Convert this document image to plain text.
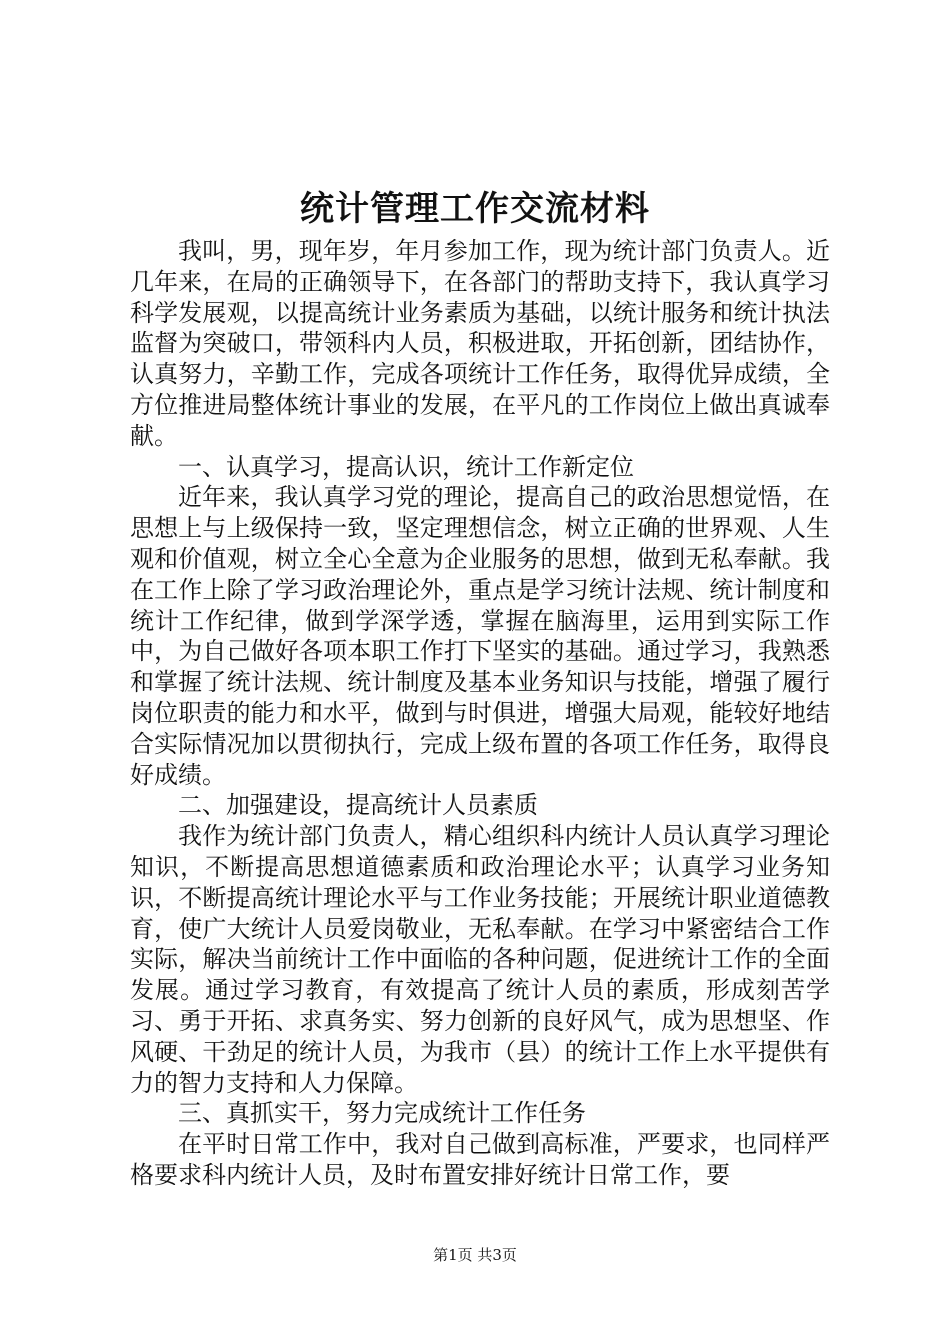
统计管理工作交流材料

我叫，男，现年岁，年月参加工作，现为统计部门负责人。近几年来，在局的正确领导下，在各部门的帮助支持下，我认真学习科学发展观，以提高统计业务素质为基础，以统计服务和统计执法监督为突破口，带领科内人员，积极进取，开拓创新，团结协作，认真努力，辛勤工作，完成各项统计工作任务，取得优异成绩，全方位推进局整体统计事业的发展，在平凡的工作岗位上做出真诚奉献。

一、认真学习，提高认识，统计工作新定位

近年来，我认真学习党的理论，提高自己的政治思想觉悟，在思想上与上级保持一致，坚定理想信念，树立正确的世界观、人生观和价值观，树立全心全意为企业服务的思想，做到无私奉献。我在工作上除了学习政治理论外，重点是学习统计法规、统计制度和统计工作纪律，做到学深学透，掌握在脑海里，运用到实际工作中，为自己做好各项本职工作打下坚实的基础。通过学习，我熟悉和掌握了统计法规、统计制度及基本业务知识与技能，增强了履行岗位职责的能力和水平，做到与时俱进，增强大局观，能较好地结合实际情况加以贯彻执行，完成上级布置的各项工作任务，取得良好成绩。

二、加强建设，提高统计人员素质

我作为统计部门负责人，精心组织科内统计人员认真学习理论知识，不断提高思想道德素质和政治理论水平；认真学习业务知识，不断提高统计理论水平与工作业务技能；开展统计职业道德教育，使广大统计人员爱岗敬业，无私奉献。在学习中紧密结合工作实际，解决当前统计工作中面临的各种问题，促进统计工作的全面发展。通过学习教育，有效提高了统计人员的素质，形成刻苦学习、勇于开拓、求真务实、努力创新的良好风气，成为思想坚、作风硬、干劲足的统计人员，为我市（县）的统计工作上水平提供有力的智力支持和人力保障。

三、真抓实干，努力完成统计工作任务

在平时日常工作中，我对自己做到高标准，严要求，也同样严格要求科内统计人员，及时布置安排好统计日常工作，要

第1页 共3页
